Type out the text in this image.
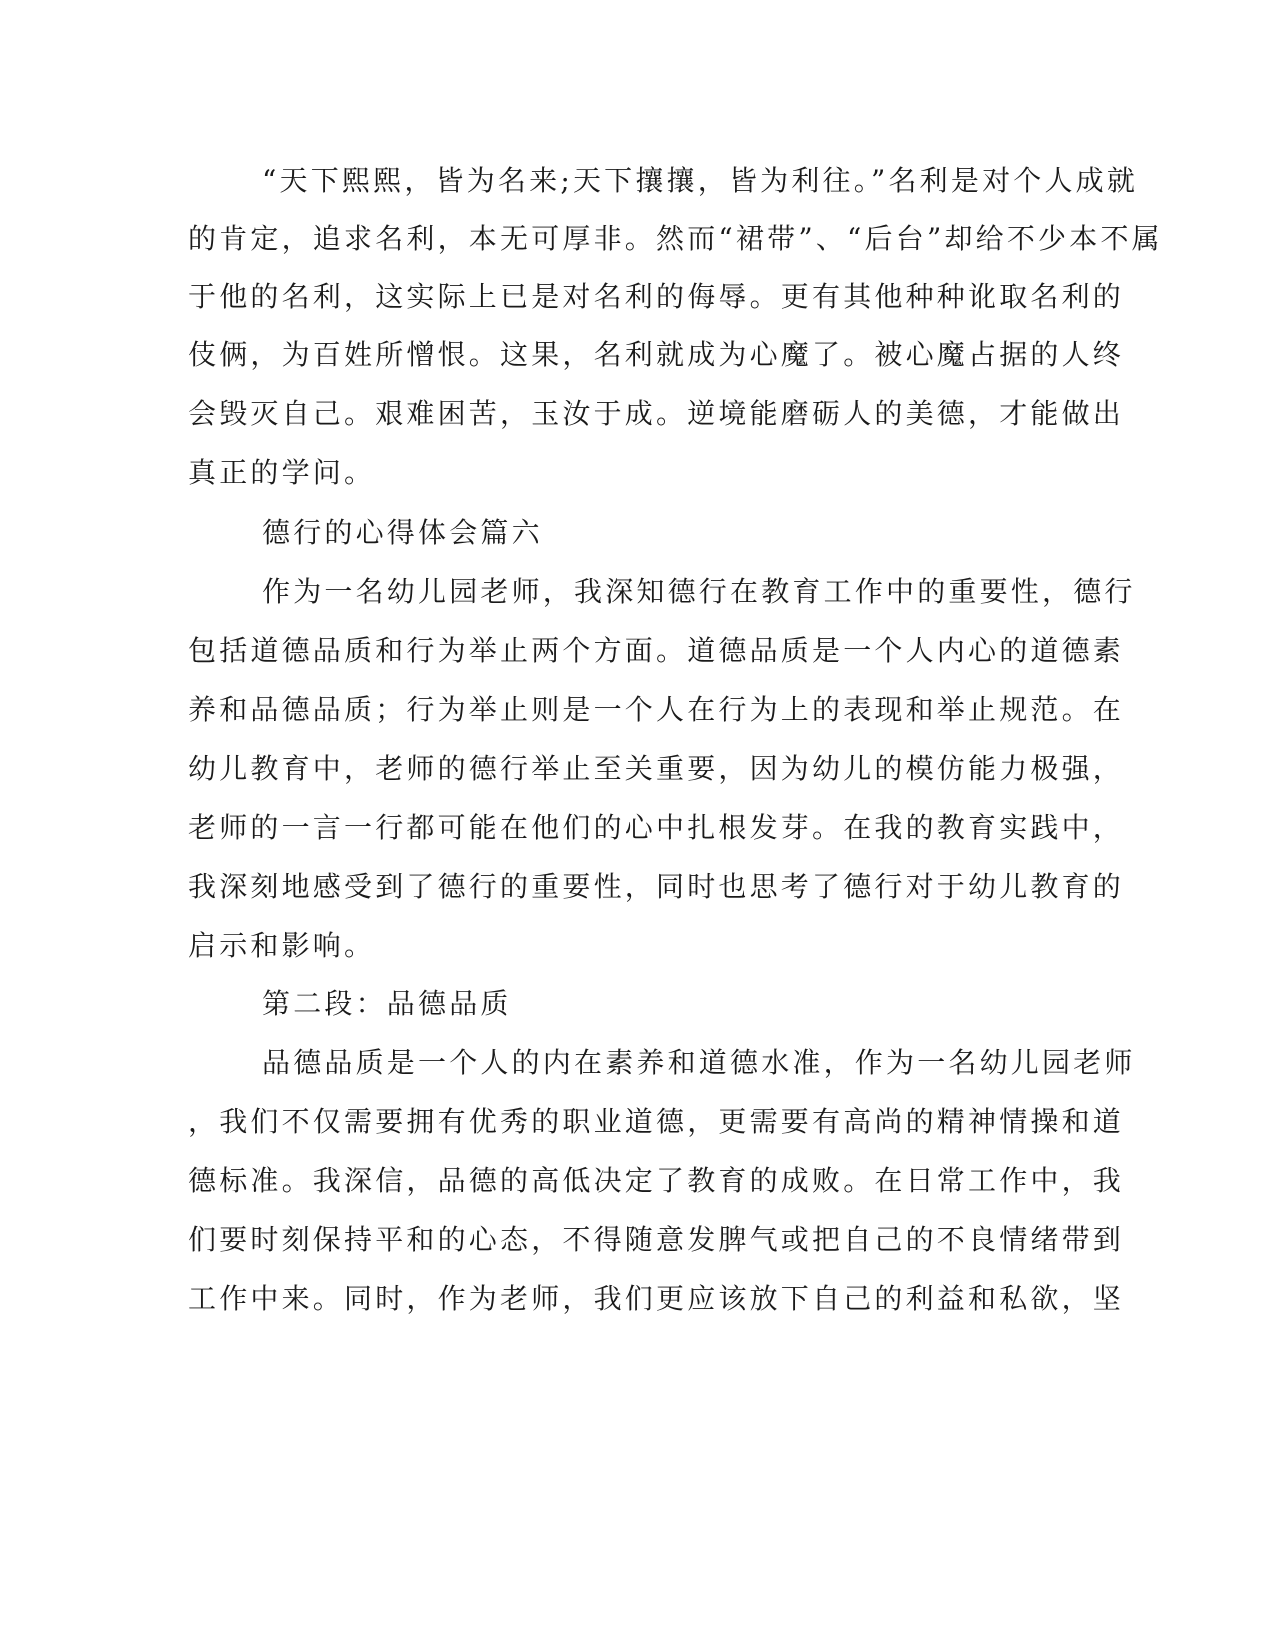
“天下熙熙，皆为名来;天下攘攘，皆为利往。”名利是对个人成就
的肯定，追求名利，本无可厚非。然而“裙带”、“后台”却给不少本不属
于他的名利，这实际上已是对名利的侮辱。更有其他种种讹取名利的
伎俩，为百姓所憎恨。这果，名利就成为心魔了。被心魔占据的人终
会毁灭自己。艰难困苦，玉汝于成。逆境能磨砺人的美德，才能做出
真正的学问。
德行的心得体会篇六
作为一名幼儿园老师，我深知德行在教育工作中的重要性，德行
包括道德品质和行为举止两个方面。道德品质是一个人内心的道德素
养和品德品质；行为举止则是一个人在行为上的表现和举止规范。在
幼儿教育中，老师的德行举止至关重要，因为幼儿的模仿能力极强，
老师的一言一行都可能在他们的心中扎根发芽。在我的教育实践中，
我深刻地感受到了德行的重要性，同时也思考了德行对于幼儿教育的
启示和影响。
第二段：品德品质
品德品质是一个人的内在素养和道德水准，作为一名幼儿园老师
，我们不仅需要拥有优秀的职业道德，更需要有高尚的精神情操和道
德标准。我深信，品德的高低决定了教育的成败。在日常工作中，我
们要时刻保持平和的心态，不得随意发脾气或把自己的不良情绪带到
工作中来。同时，作为老师，我们更应该放下自己的利益和私欲，坚
